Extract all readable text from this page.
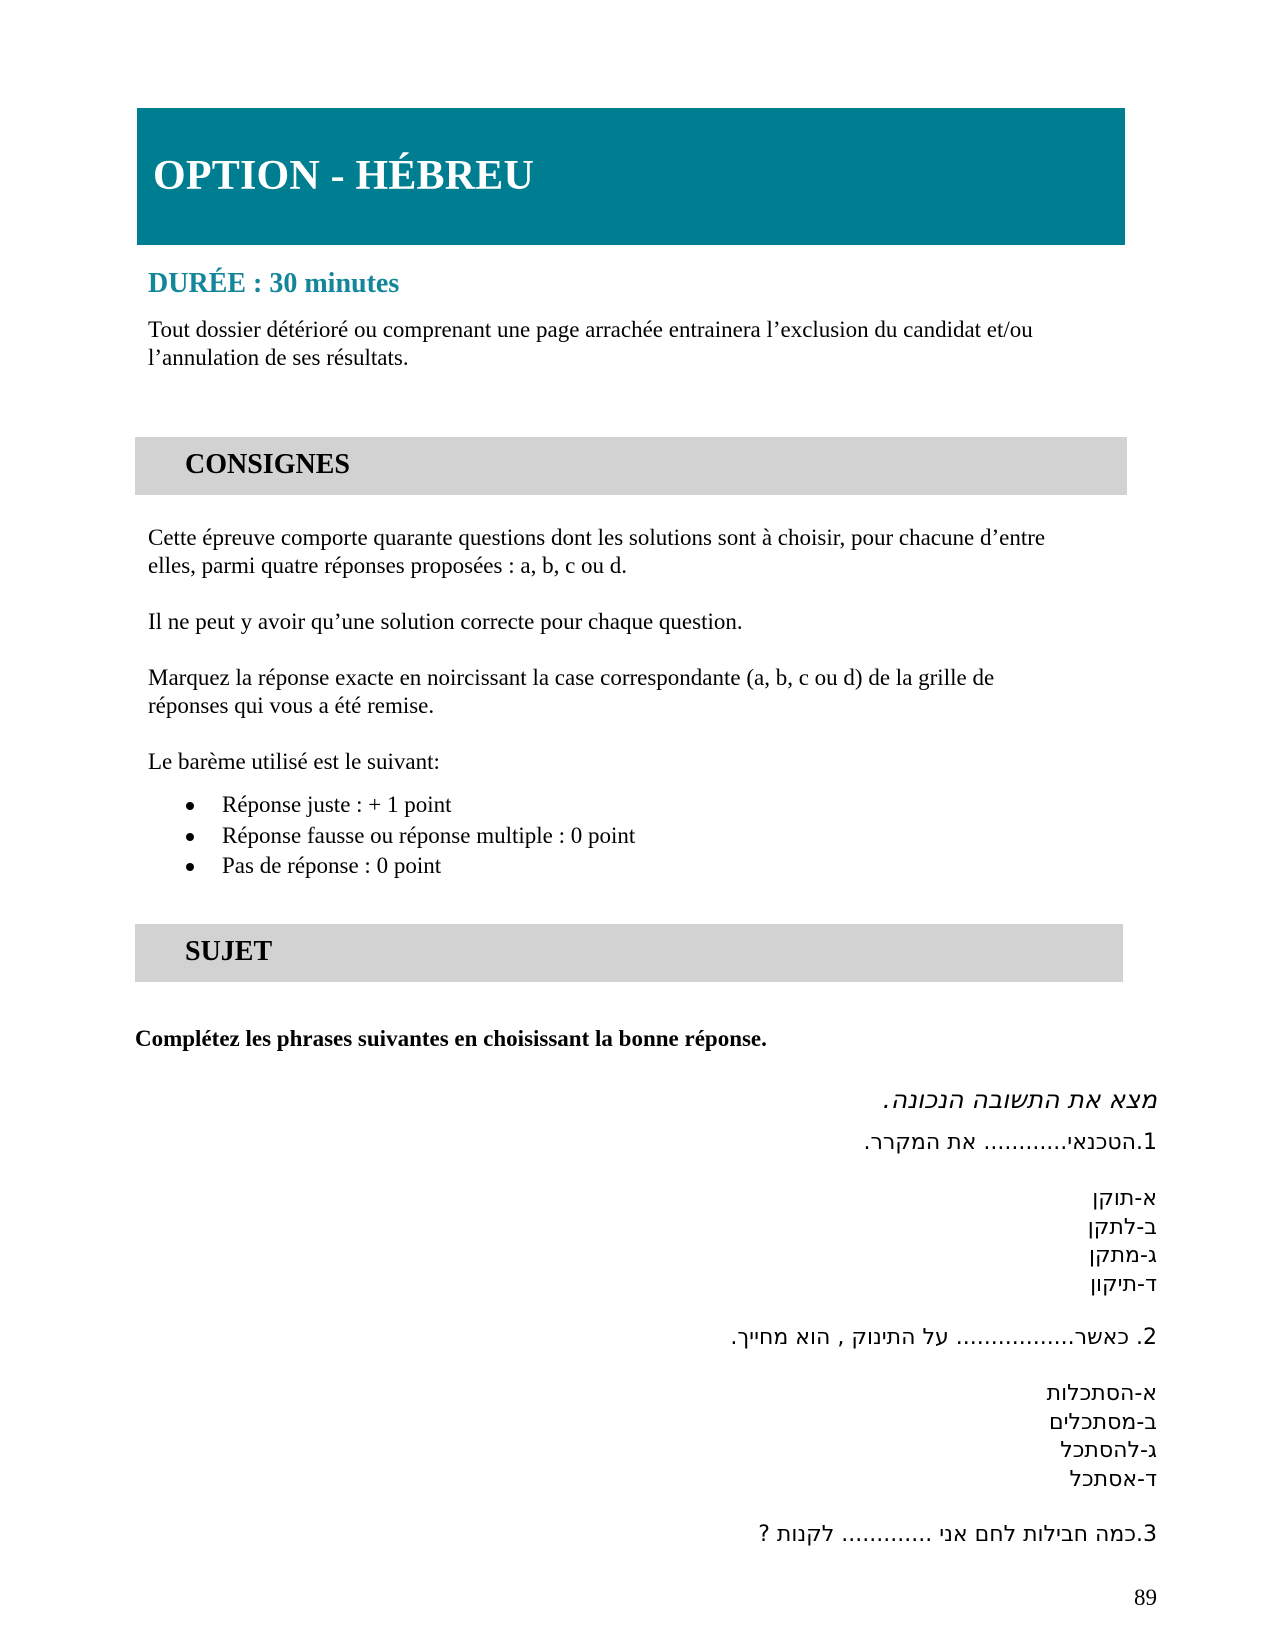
OPTION - HÉBREU

DURÉE : 30 minutes

Tout dossier détérioré ou comprenant une page arrachée entrainera l’exclusion du candidat et/ou

l’annulation de ses résultats.

CONSIGNES

Cette épreuve comporte quarante questions dont les solutions sont à choisir, pour chacune d’entre

elles, parmi quatre réponses proposées : a, b, c ou d.

Il ne peut y avoir qu’une solution correcte pour chaque question.

Marquez la réponse exacte en noircissant la case correspondante (a, b, c ou d) de la grille de

réponses qui vous a été remise.

Le barème utilisé est le suivant:

Réponse juste : + 1 point
Réponse fausse ou réponse multiple : 0 point
Pas de réponse : 0 point
SUJET

Complétez les phrases suivantes en choisissant la bonne réponse.

מצא את התשובה הנכונה.

1.הטכנאי............ את המקרר.

א-תוקן
ב-לתקן
ג-מתקן
ד-תיקון

2. כאשר................. על התינוק , הוא מחייך.

א-הסתכלות
ב-מסתכלים
ג-להסתכל
ד-אסתכל

3.כמה חבילות לחם אני ............. לקנות ?

89
